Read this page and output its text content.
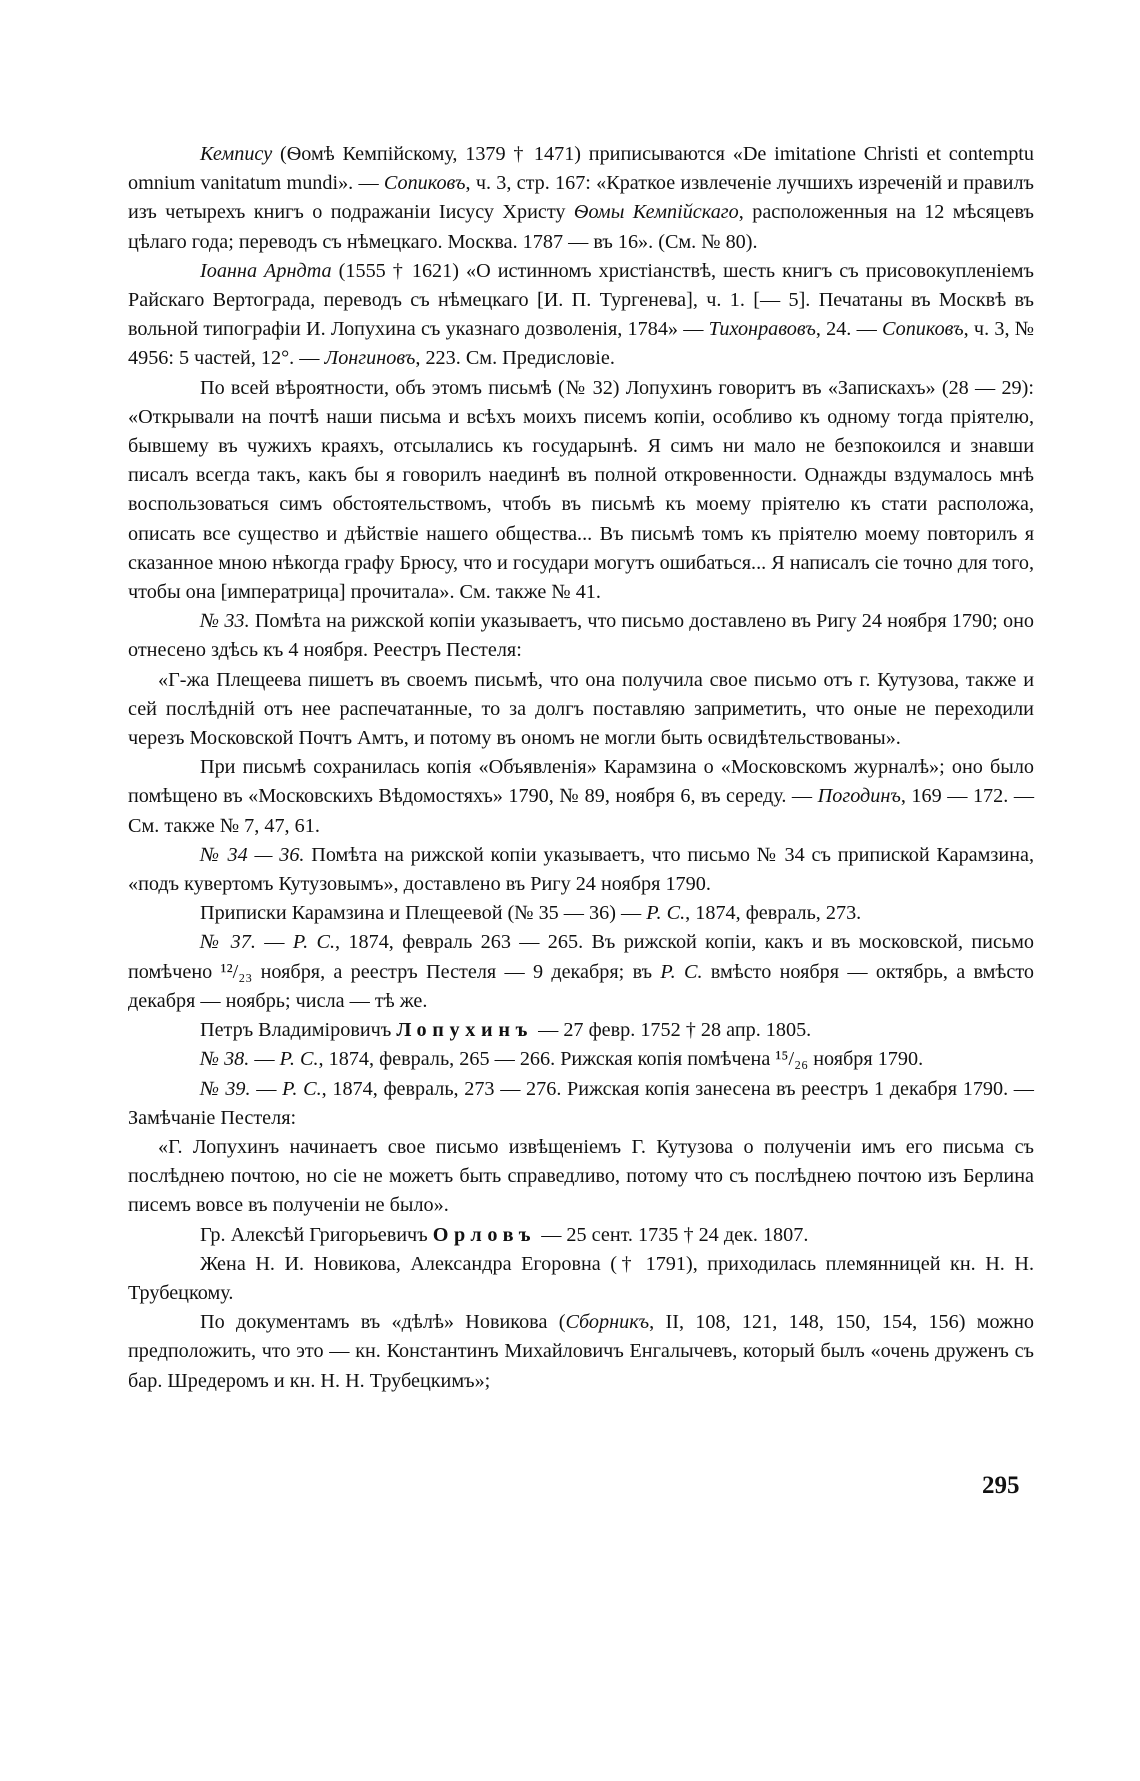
Кемпису (Ѳомѣ Кемпійскому, 1379 † 1471) приписываются «De imitatione Christi et contemptu omnium vanitatum mundi». — Сопиковъ, ч. 3, стр. 167: «Краткое извлеченіе лучшихъ изреченій и правилъ изъ четырехъ книгъ о подражаніи Іисусу Христу Ѳомы Кемпійскаго, расположенныя на 12 мѣсяцевъ цѣлаго года; переводъ съ нѣмецкаго. Москва. 1787 — въ 16». (См. № 80).

Іоанна Арндта (1555 † 1621) «О истинномъ христіанствѣ, шесть книгъ съ присовокупленіемъ Райскаго Вертограда, переводъ съ нѣмецкаго [И. П. Тургенева], ч. 1. [— 5]. Печатаны въ Москвѣ въ вольной типографіи И. Лопухина съ указнаго дозволенія, 1784» — Тихонравовъ, 24. — Сопиковъ, ч. 3, № 4956: 5 частей, 12°. — Лонгиновъ, 223. См. Предисловіе.

По всей вѣроятности, объ этомъ письмѣ (№ 32) Лопухинъ говоритъ въ «Запискахъ» (28 — 29): «Открывали на почтѣ наши письма и всѣхъ моихъ писемъ копіи, особливо къ одному тогда пріятелю, бывшему въ чужихъ краяхъ, отсылались къ государынѣ. Я симъ ни мало не безпокоился и знавши писалъ всегда такъ, какъ бы я говорилъ наединѣ въ полной откровенности. Однажды вздумалось мнѣ воспользоваться симъ обстоятельствомъ, чтобъ въ письмѣ къ моему пріятелю къ стати расположа, описать все существо и дѣйствіе нашего общества... Въ письмѣ томъ къ пріятелю моему повторилъ я сказанное мною нѣкогда графу Брюсу, что и государи могутъ ошибаться... Я написалъ сіе точно для того, чтобы она [императрица] прочитала». См. также № 41.

№ 33. Помѣта на рижской копіи указываетъ, что письмо доставлено въ Ригу 24 ноября 1790; оно отнесено здѣсь къ 4 ноября. Реестръ Пестеля:

«Г-жа Плещеева пишетъ въ своемъ письмѣ, что она получила свое письмо отъ г. Кутузова, также и сей послѣдній отъ нее распечатанные, то за долгъ поставляю заприметить, что оные не переходили черезъ Московской Почтъ Амтъ, и потому въ ономъ не могли быть освидѣтельствованы».

При письмѣ сохранилась копія «Объявленія» Карамзина о «Московскомъ журналѣ»; оно было помѣщено въ «Московскихъ Вѣдомостяхъ» 1790, № 89, ноября 6, въ середу. — Погодинъ, 169 — 172. — См. также № 7, 47, 61.

№ 34 — 36. Помѣта на рижской копіи указываетъ, что письмо № 34 съ припиской Карамзина, «подъ кувертомъ Кутузовымъ», доставлено въ Ригу 24 ноября 1790.

Приписки Карамзина и Плещеевой (№ 35 — 36) — Р. С., 1874, февраль, 273.

№ 37. — Р. С., 1874, февраль 263 — 265. Въ рижской копіи, какъ и въ московской, письмо помѣчено ¹²/₂₃ ноября, а реестръ Пестеля — 9 декабря; въ Р. С. вмѣсто ноября — октябрь, а вмѣсто декабря — ноябрь; числа — тѣ же.

Петръ Владиміровичъ Лопухинъ — 27 февр. 1752 † 28 апр. 1805.

№ 38. — Р. С., 1874, февраль, 265 — 266. Рижская копія помѣчена ¹⁵/₂₆ ноября 1790.

№ 39. — Р. С., 1874, февраль, 273 — 276. Рижская копія занесена въ реестръ 1 декабря 1790. — Замѣчаніе Пестеля:

«Г. Лопухинъ начинаетъ свое письмо извѣщеніемъ Г. Кутузова о полученіи имъ его письма съ послѣднею почтою, но сіе не можетъ быть справедливо, потому что съ послѣднею почтою изъ Берлина писемъ вовсе въ полученіи не было».

Гр. Алексѣй Григорьевичъ Орловъ — 25 сент. 1735 † 24 дек. 1807.

Жена Н. И. Новикова, Александра Егоровна († 1791), приходилась племянницей кн. Н. Н. Трубецкому.

По документамъ въ «дѣлѣ» Новикова (Сборникъ, II, 108, 121, 148, 150, 154, 156) можно предположить, что это — кн. Константинъ Михайловичъ Енгалычевъ, который былъ «очень друженъ съ бар. Шредеромъ и кн. Н. Н. Трубецкимъ»;

295
